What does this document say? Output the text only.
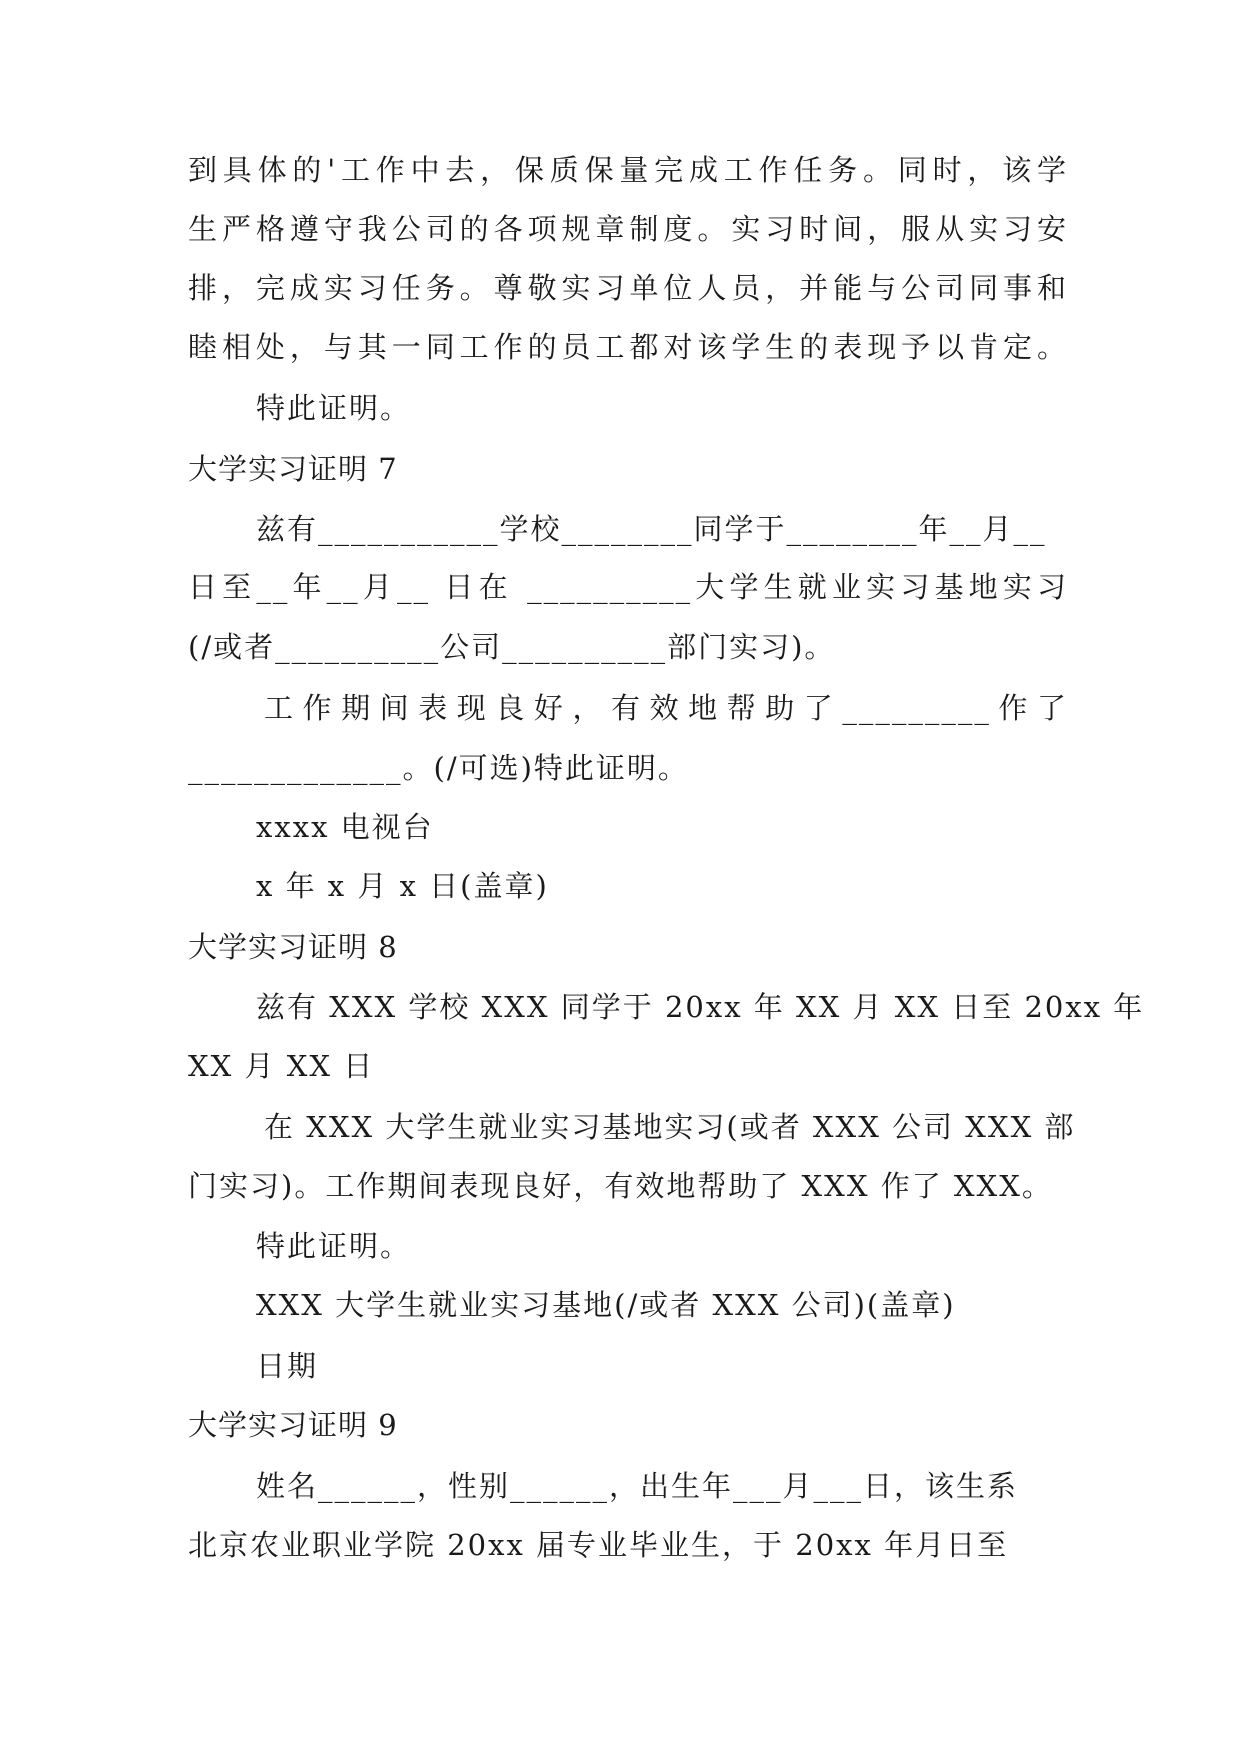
到具体的'工作中去，保质保量完成工作任务。同时，该学
生严格遵守我公司的各项规章制度。实习时间，服从实习安
排，完成实习任务。尊敬实习单位人员，并能与公司同事和
睦相处，与其一同工作的员工都对该学生的表现予以肯定。
特此证明。
大学实习证明 7
兹有___________学校________同学于________年__月__
日至__年__月__ 日在 __________大学生就业实习基地实习
(/或者__________公司__________部门实习)。
工作期间表现良好，有效地帮助了_________作了
_____________。(/可选)特此证明。
xxxx 电视台
x 年 x 月 x 日(盖章)
大学实习证明 8
兹有 XXX 学校 XXX 同学于 20xx 年 XX 月 XX 日至 20xx 年
XX 月 XX 日
在 XXX 大学生就业实习基地实习(或者 XXX 公司 XXX 部
门实习)。工作期间表现良好，有效地帮助了 XXX 作了 XXX。
特此证明。
XXX 大学生就业实习基地(/或者 XXX 公司)(盖章)
日期
大学实习证明 9
姓名______，性别______，出生年___月___日，该生系
北京农业职业学院 20xx 届专业毕业生，于 20xx 年月日至
